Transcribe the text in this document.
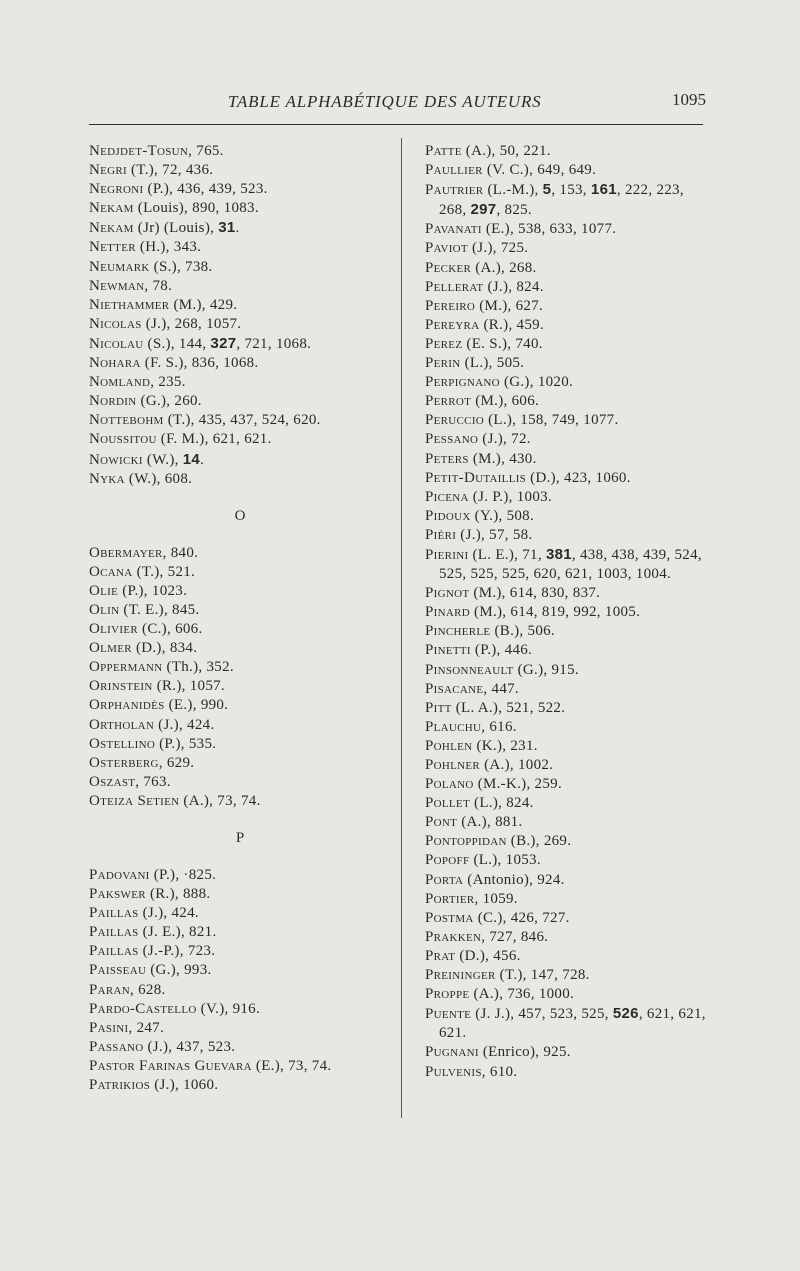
TABLE ALPHABÉTIQUE DES AUTEURS	1095
Nedjdet-Tosun, 765.
Negri (T.), 72, 436.
Negroni (P.), 436, 439, 523.
Nekam (Louis), 890, 1083.
Nekam (Jr) (Louis), 31.
Netter (H.), 343.
Neumark (S.), 738.
Newman, 78.
Niethammer (M.), 429.
Nicolas (J.), 268, 1057.
Nicolau (S.), 144, 327, 721, 1068.
Nohara (F. S.), 836, 1068.
Nomland, 235.
Nordin (G.), 260.
Nottebohm (T.), 435, 437, 524, 620.
Noussitou (F. M.), 621, 621.
Nowicki (W.), 14.
Nyka (W.), 608.
O
Obermayer, 840.
Ocana (T.), 521.
Olie (P.), 1023.
Olin (T. E.), 845.
Olivier (C.), 606.
Olmer (D.), 834.
Oppermann (Th.), 352.
Orinstein (R.), 1057.
Orphanidès (E.), 990.
Ortholan (J.), 424.
Ostellino (P.), 535.
Osterberg, 629.
Oszast, 763.
Oteiza Setien (A.), 73, 74.
P
Padovani (P.), ·825.
Pakswer (R.), 888.
Paillas (J.), 424.
Paillas (J. E.), 821.
Paillas (J.-P.), 723.
Paisseau (G.), 993.
Paran, 628.
Pardo-Castello (V.), 916.
Pasini, 247.
Passano (J.), 437, 523.
Pastor Farinas Guevara (E.), 73, 74.
Patrikios (J.), 1060.
Patte (A.), 50, 221.
Paullier (V. C.), 649, 649.
Pautrier (L.-M.), 5, 153, 161, 222, 223, 268, 297, 825.
Pavanati (E.), 538, 633, 1077.
Paviot (J.), 725.
Pecker (A.), 268.
Pellerat (J.), 824.
Pereiro (M.), 627.
Pereyra (R.), 459.
Perez (E. S.), 740.
Perin (L.), 505.
Perpignano (G.), 1020.
Perrot (M.), 606.
Peruccio (L.), 158, 749, 1077.
Pessano (J.), 72.
Peters (M.), 430.
Petit-Dutaillis (D.), 423, 1060.
Picena (J. P.), 1003.
Pidoux (Y.), 508.
Piéri (J.), 57, 58.
Pierini (L. E.), 71, 381, 438, 438, 439, 524, 525, 525, 525, 620, 621, 1003, 1004.
Pignot (M.), 614, 830, 837.
Pinard (M.), 614, 819, 992, 1005.
Pincherle (B.), 506.
Pinetti (P.), 446.
Pinsonneault (G.), 915.
Pisacane, 447.
Pitt (L. A.), 521, 522.
Plauchu, 616.
Pohlen (K.), 231.
Pohlner (A.), 1002.
Polano (M.-K.), 259.
Pollet (L.), 824.
Pont (A.), 881.
Pontoppidan (B.), 269.
Popoff (L.), 1053.
Porta (Antonio), 924.
Portier, 1059.
Postma (C.), 426, 727.
Prakken, 727, 846.
Prat (D.), 456.
Preininger (T.), 147, 728.
Proppe (A.), 736, 1000.
Puente (J. J.), 457, 523, 525, 526, 621, 621, 621.
Pugnani (Enrico), 925.
Pulvenis, 610.
